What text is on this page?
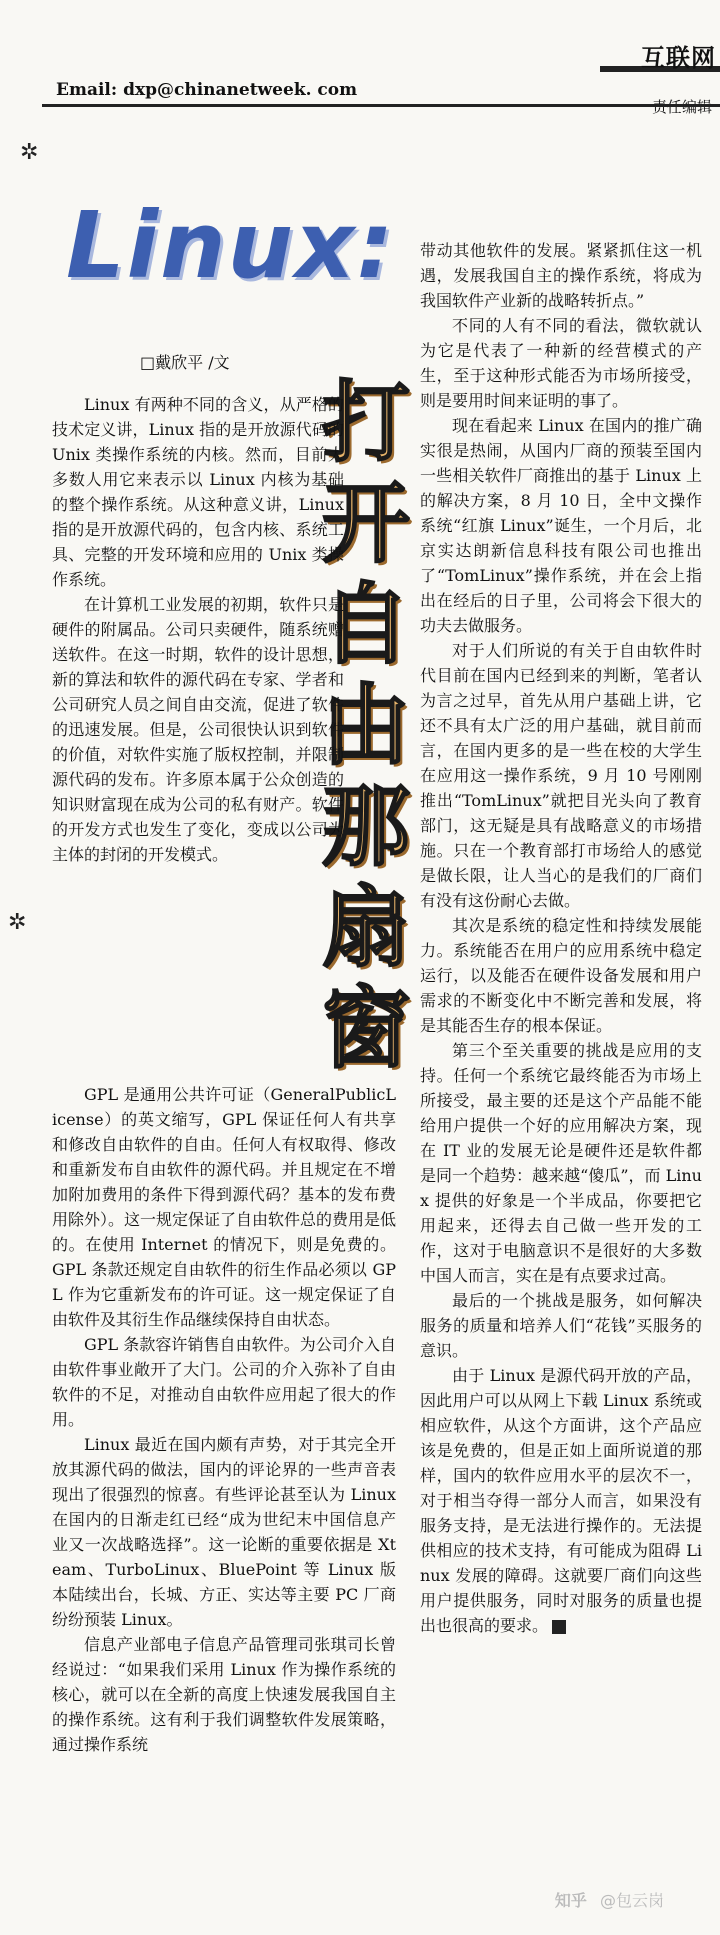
互联网
Email: dxp@chinanetweek. com
责任编辑
✲
✲
Linux:
□戴欣平 /文
打
开
自
由
那
扇
窗

Linux 有两种不同的含义，从严格的技术定义讲，Linux 指的是开放源代码的 Unix 类操作系统的内核。然而，目前大多数人用它来表示以 Linux 内核为基础的整个操作系统。从这种意义讲，Linux 指的是开放源代码的，包含内核、系统工具、完整的开发环境和应用的 Unix 类操作系统。

在计算机工业发展的初期，软件只是硬件的附属品。公司只卖硬件，随系统赠送软件。在这一时期，软件的设计思想，新的算法和软件的源代码在专家、学者和公司研究人员之间自由交流，促进了软件的迅速发展。但是，公司很快认识到软件的价值，对软件实施了版权控制，并限制源代码的发布。许多原本属于公众创造的知识财富现在成为公司的私有财产。软件的开发方式也发生了变化，变成以公司为主体的封闭的开发模式。

GPL 是通用公共许可证（GeneralPublicLicense）的英文缩写，GPL 保证任何人有共享和修改自由软件的自由。任何人有权取得、修改和重新发布自由软件的源代码。并且规定在不增加附加费用的条件下得到源代码？基本的发布费用除外）。这一规定保证了自由软件总的费用是低的。在使用 Internet 的情况下，则是免费的。GPL 条款还规定自由软件的衍生作品必须以 GPL 作为它重新发布的许可证。这一规定保证了自由软件及其衍生作品继续保持自由状态。

GPL 条款容许销售自由软件。为公司介入自由软件事业敞开了大门。公司的介入弥补了自由软件的不足，对推动自由软件应用起了很大的作用。

Linux 最近在国内颇有声势，对于其完全开放其源代码的做法，国内的评论界的一些声音表现出了很强烈的惊喜。有些评论甚至认为 Linux 在国内的日渐走红已经“成为世纪末中国信息产业又一次战略选择”。这一论断的重要依据是 Xteam、TurboLinux、BluePoint 等 Linux 版本陆续出台，长城、方正、实达等主要 PC 厂商纷纷预装 Linux。

信息产业部电子信息产品管理司张琪司长曾经说过：“如果我们采用 Linux 作为操作系统的核心，就可以在全新的高度上快速发展我国自主的操作系统。这有利于我们调整软件发展策略，通过操作系统

带动其他软件的发展。紧紧抓住这一机遇，发展我国自主的操作系统，将成为我国软件产业新的战略转折点。”

不同的人有不同的看法，微软就认为它是代表了一种新的经营模式的产生，至于这种形式能否为市场所接受，则是要用时间来证明的事了。

现在看起来 Linux 在国内的推广确实很是热闹，从国内厂商的预装至国内一些相关软件厂商推出的基于 Linux 上的解决方案，8 月 10 日，全中文操作系统“红旗 Linux”诞生，一个月后，北京实达朗新信息科技有限公司也推出了“TomLinux”操作系统，并在会上指出在经后的日子里，公司将会下很大的功夫去做服务。

对于人们所说的有关于自由软件时代目前在国内已经到来的判断，笔者认为言之过早，首先从用户基础上讲，它还不具有太广泛的用户基础，就目前而言，在国内更多的是一些在校的大学生在应用这一操作系统，9 月 10 号刚刚推出“TomLinux”就把目光头向了教育部门，这无疑是具有战略意义的市场措施。只在一个教育部打市场给人的感觉是做长限，让人当心的是我们的厂商们有没有这份耐心去做。

其次是系统的稳定性和持续发展能力。系统能否在用户的应用系统中稳定运行，以及能否在硬件设备发展和用户需求的不断变化中不断完善和发展，将是其能否生存的根本保证。

第三个至关重要的挑战是应用的支持。任何一个系统它最终能否为市场上所接受，最主要的还是这个产品能不能给用户提供一个好的应用解决方案，现在 IT 业的发展无论是硬件还是软件都是同一个趋势：越来越“傻瓜”，而 Linux 提供的好象是一个半成品，你要把它用起来，还得去自己做一些开发的工作，这对于电脑意识不是很好的大多数中国人而言，实在是有点要求过高。

最后的一个挑战是服务，如何解决服务的质量和培养人们“花钱”买服务的意识。

由于 Linux 是源代码开放的产品，因此用户可以从网上下载 Linux 系统或相应软件，从这个方面讲，这个产品应该是免费的，但是正如上面所说道的那样，国内的软件应用水平的层次不一，对于相当夺得一部分人而言，如果没有服务支持，是无法进行操作的。无法提供相应的技术支持，有可能成为阻碍 Linux 发展的障碍。这就要厂商们向这些用户提供服务，同时对服务的质量也提出也很高的要求。

知乎 @包云岗
